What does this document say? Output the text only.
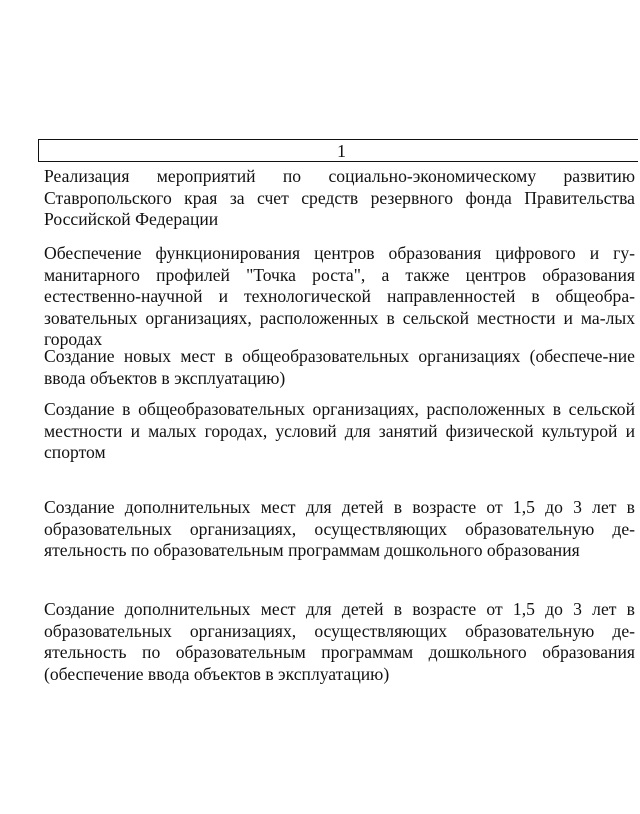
1

Реализация мероприятий по социально-экономическому развитию Ставропольского края за счет средств резервного фонда Правительства Российской Федерации

Обеспечение функционирования центров образования цифрового и гу-манитарного профилей "Точка роста", а также центров образования естественно-научной и технологической направленностей в общеобра-зовательных организациях, расположенных в сельской местности и ма-лых городах

Создание новых мест в общеобразовательных организациях (обеспече-ние ввода объектов в эксплуатацию)

Создание в общеобразовательных организациях, расположенных в сельской местности и малых городах, условий для занятий физической культурой и спортом

Создание дополнительных мест для детей в возрасте от 1,5 до 3 лет в образовательных организациях, осуществляющих образовательную де-ятельность по образовательным программам дошкольного образования

Создание дополнительных мест для детей в возрасте от 1,5 до 3 лет в образовательных организациях, осуществляющих образовательную де-ятельность по образовательным программам дошкольного образования (обеспечение ввода объектов в эксплуатацию)
